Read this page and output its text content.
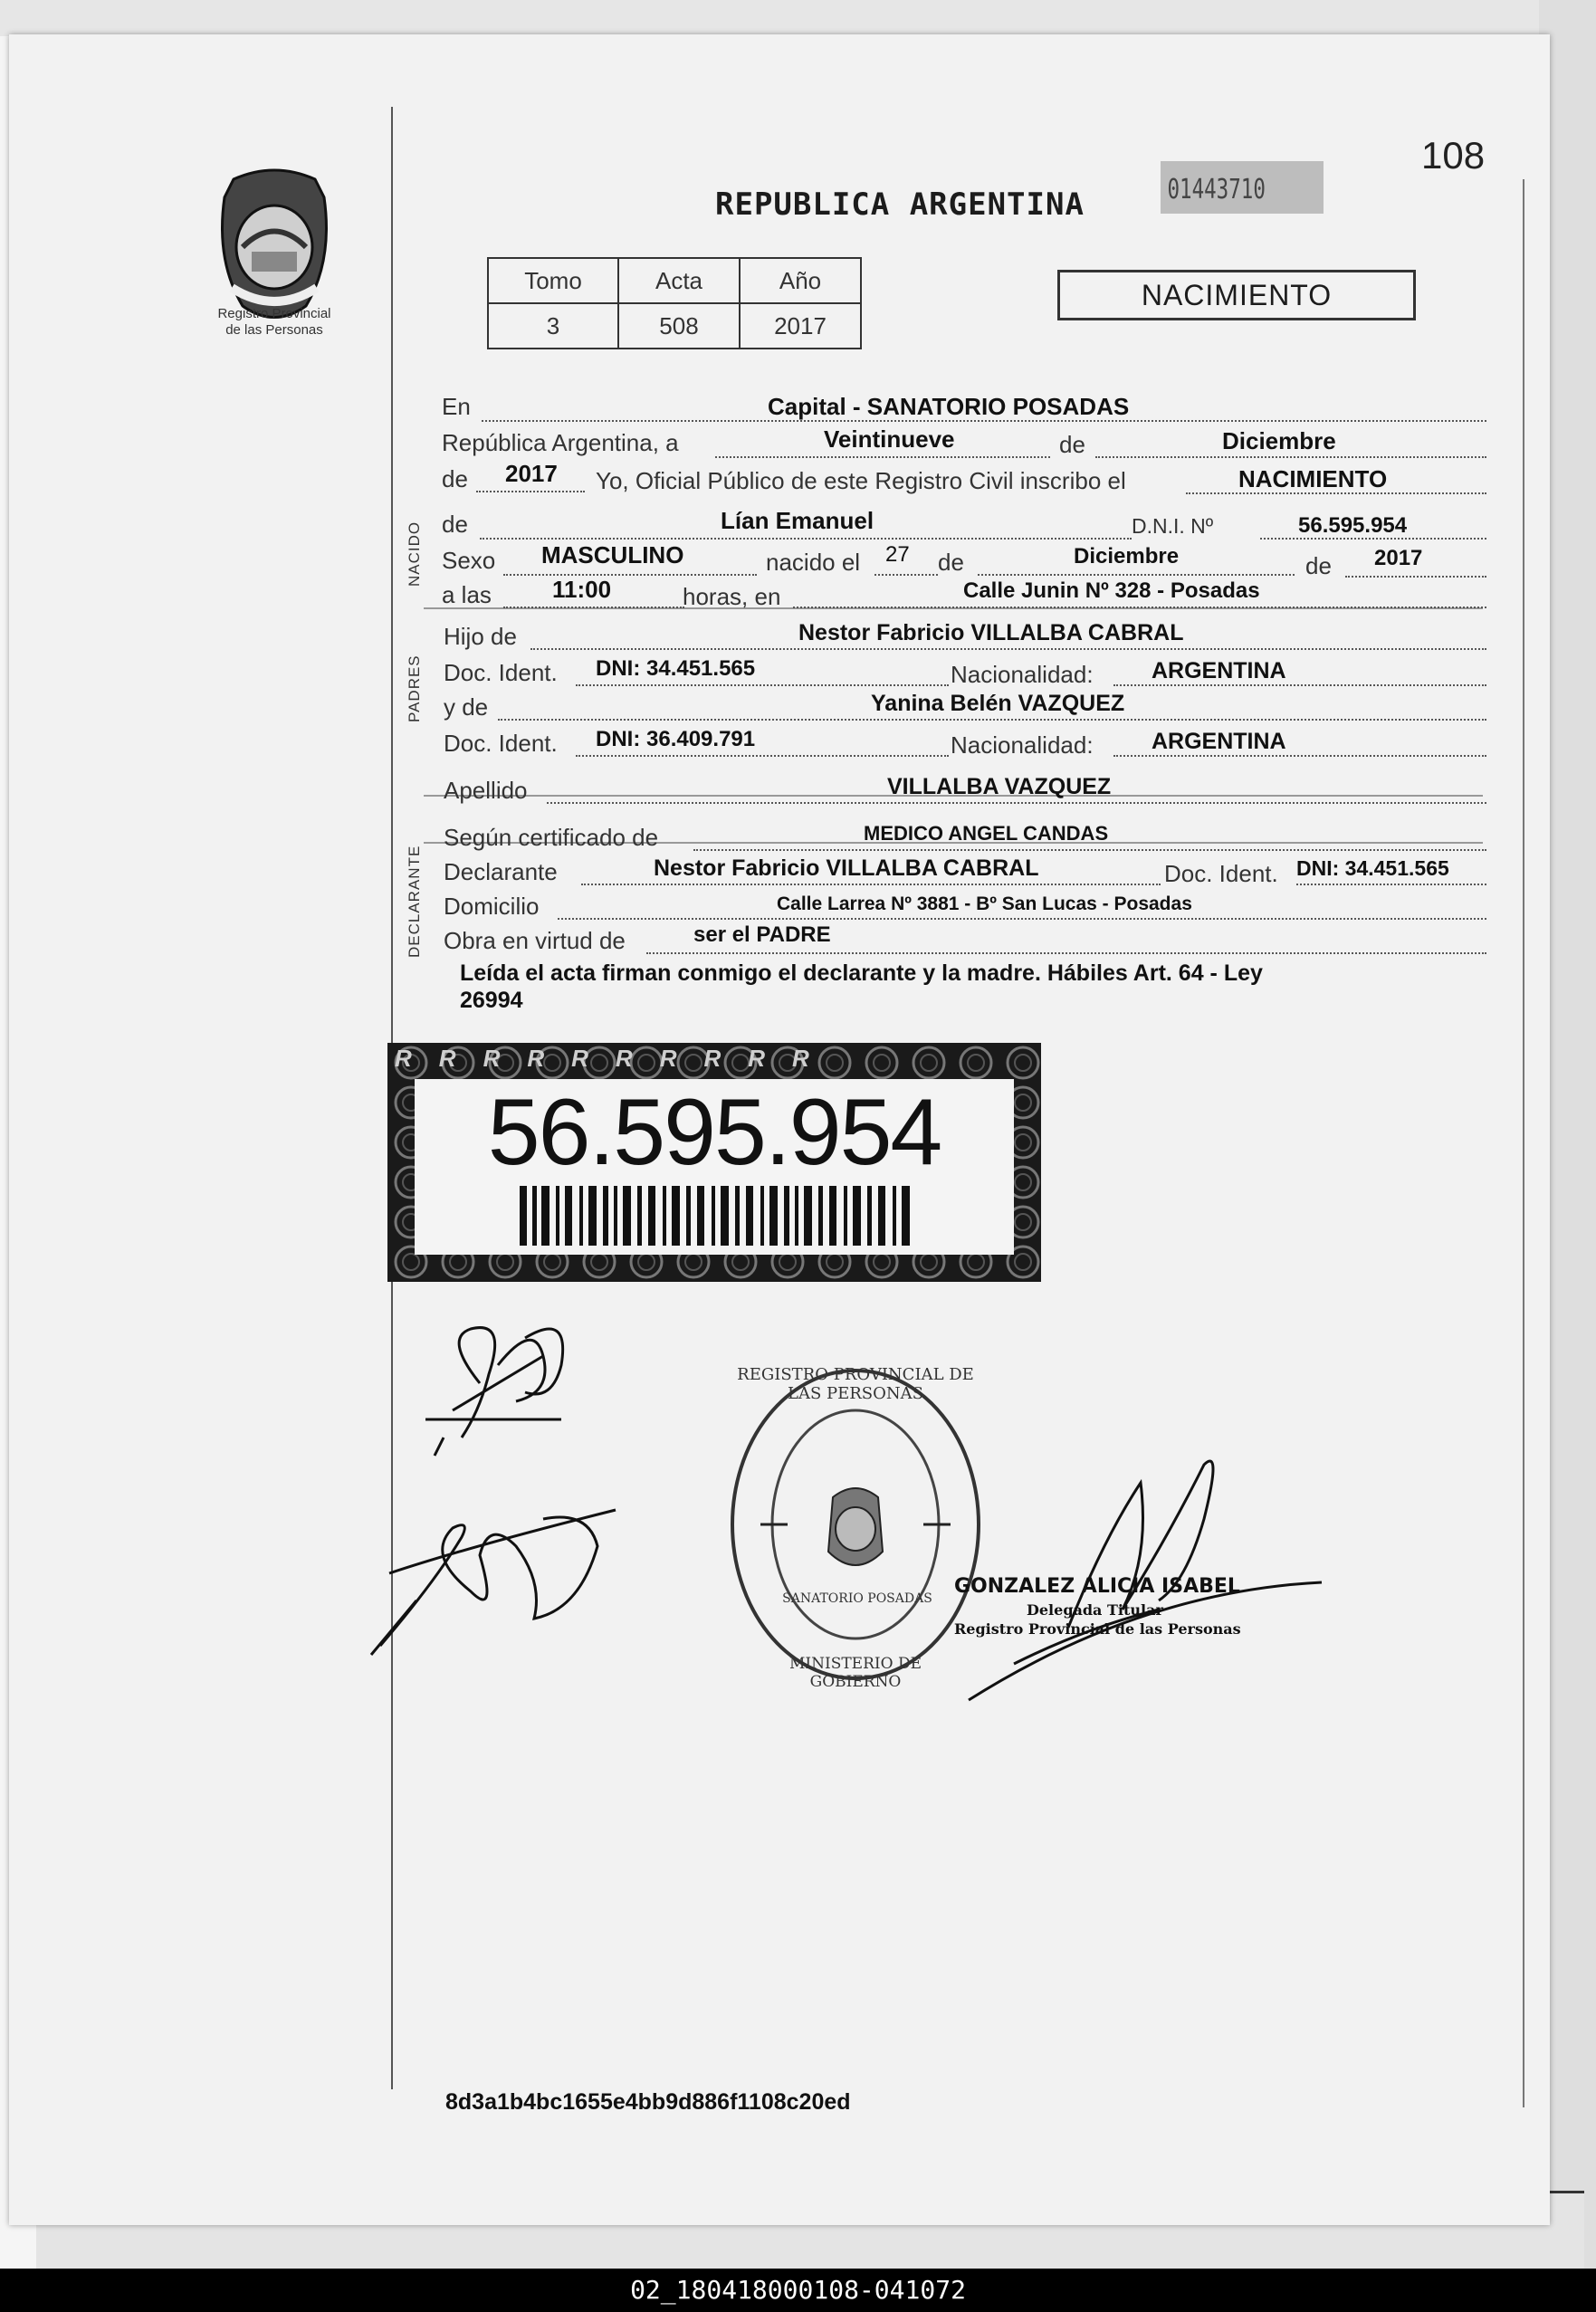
108
Registro Provincial
de las Personas
REPUBLICA ARGENTINA	01443710
Tomo	Acta	Año
3	508	2017
NACIMIENTO
NACIDO
PADRES
DECLARANTE
En	Capital - SANATORIO POSADAS
República Argentina, a	Veintinueve	de	Diciembre
de 2017 Yo, Oficial Público de este Registro Civil inscribo el	NACIMIENTO
de	Lían Emanuel	D.N.I. Nº	56.595.954
Sexo MASCULINO	nacido el 27 de	Diciembre	de 2017
a las	11:00	horas, en	Calle Junin Nº 328 - Posadas
Hijo de	Nestor Fabricio VILLALBA CABRAL
Doc. Ident. DNI: 34.451.565	Nacionalidad:	ARGENTINA
y de	Yanina Belén VAZQUEZ
Doc. Ident. DNI: 36.409.791	Nacionalidad:	ARGENTINA
Apellido	VILLALBA VAZQUEZ
Según certificado de	MEDICO ANGEL CANDAS
Declarante	Nestor Fabricio VILLALBA CABRAL	Doc. Ident. DNI: 34.451.565
Domicilio	Calle Larrea Nº 3881 - Bº San Lucas - Posadas
Obra en virtud de	ser el PADRE
Leída el acta firman conmigo el declarante y la madre. Hábiles Art. 64 - Ley
26994
RRRRRRRRRR
56.595.954
REGISTRO PROVINCIAL DE LAS PERSONAS
SANATORIO POSADAS
MINISTERIO DE GOBIERNO
GONZALEZ ALICIA ISABEL
Delegada Titular
Registro Provincial de las Personas
8d3a1b4bc1655e4bb9d886f1108c20ed
02_180418000108-041072
